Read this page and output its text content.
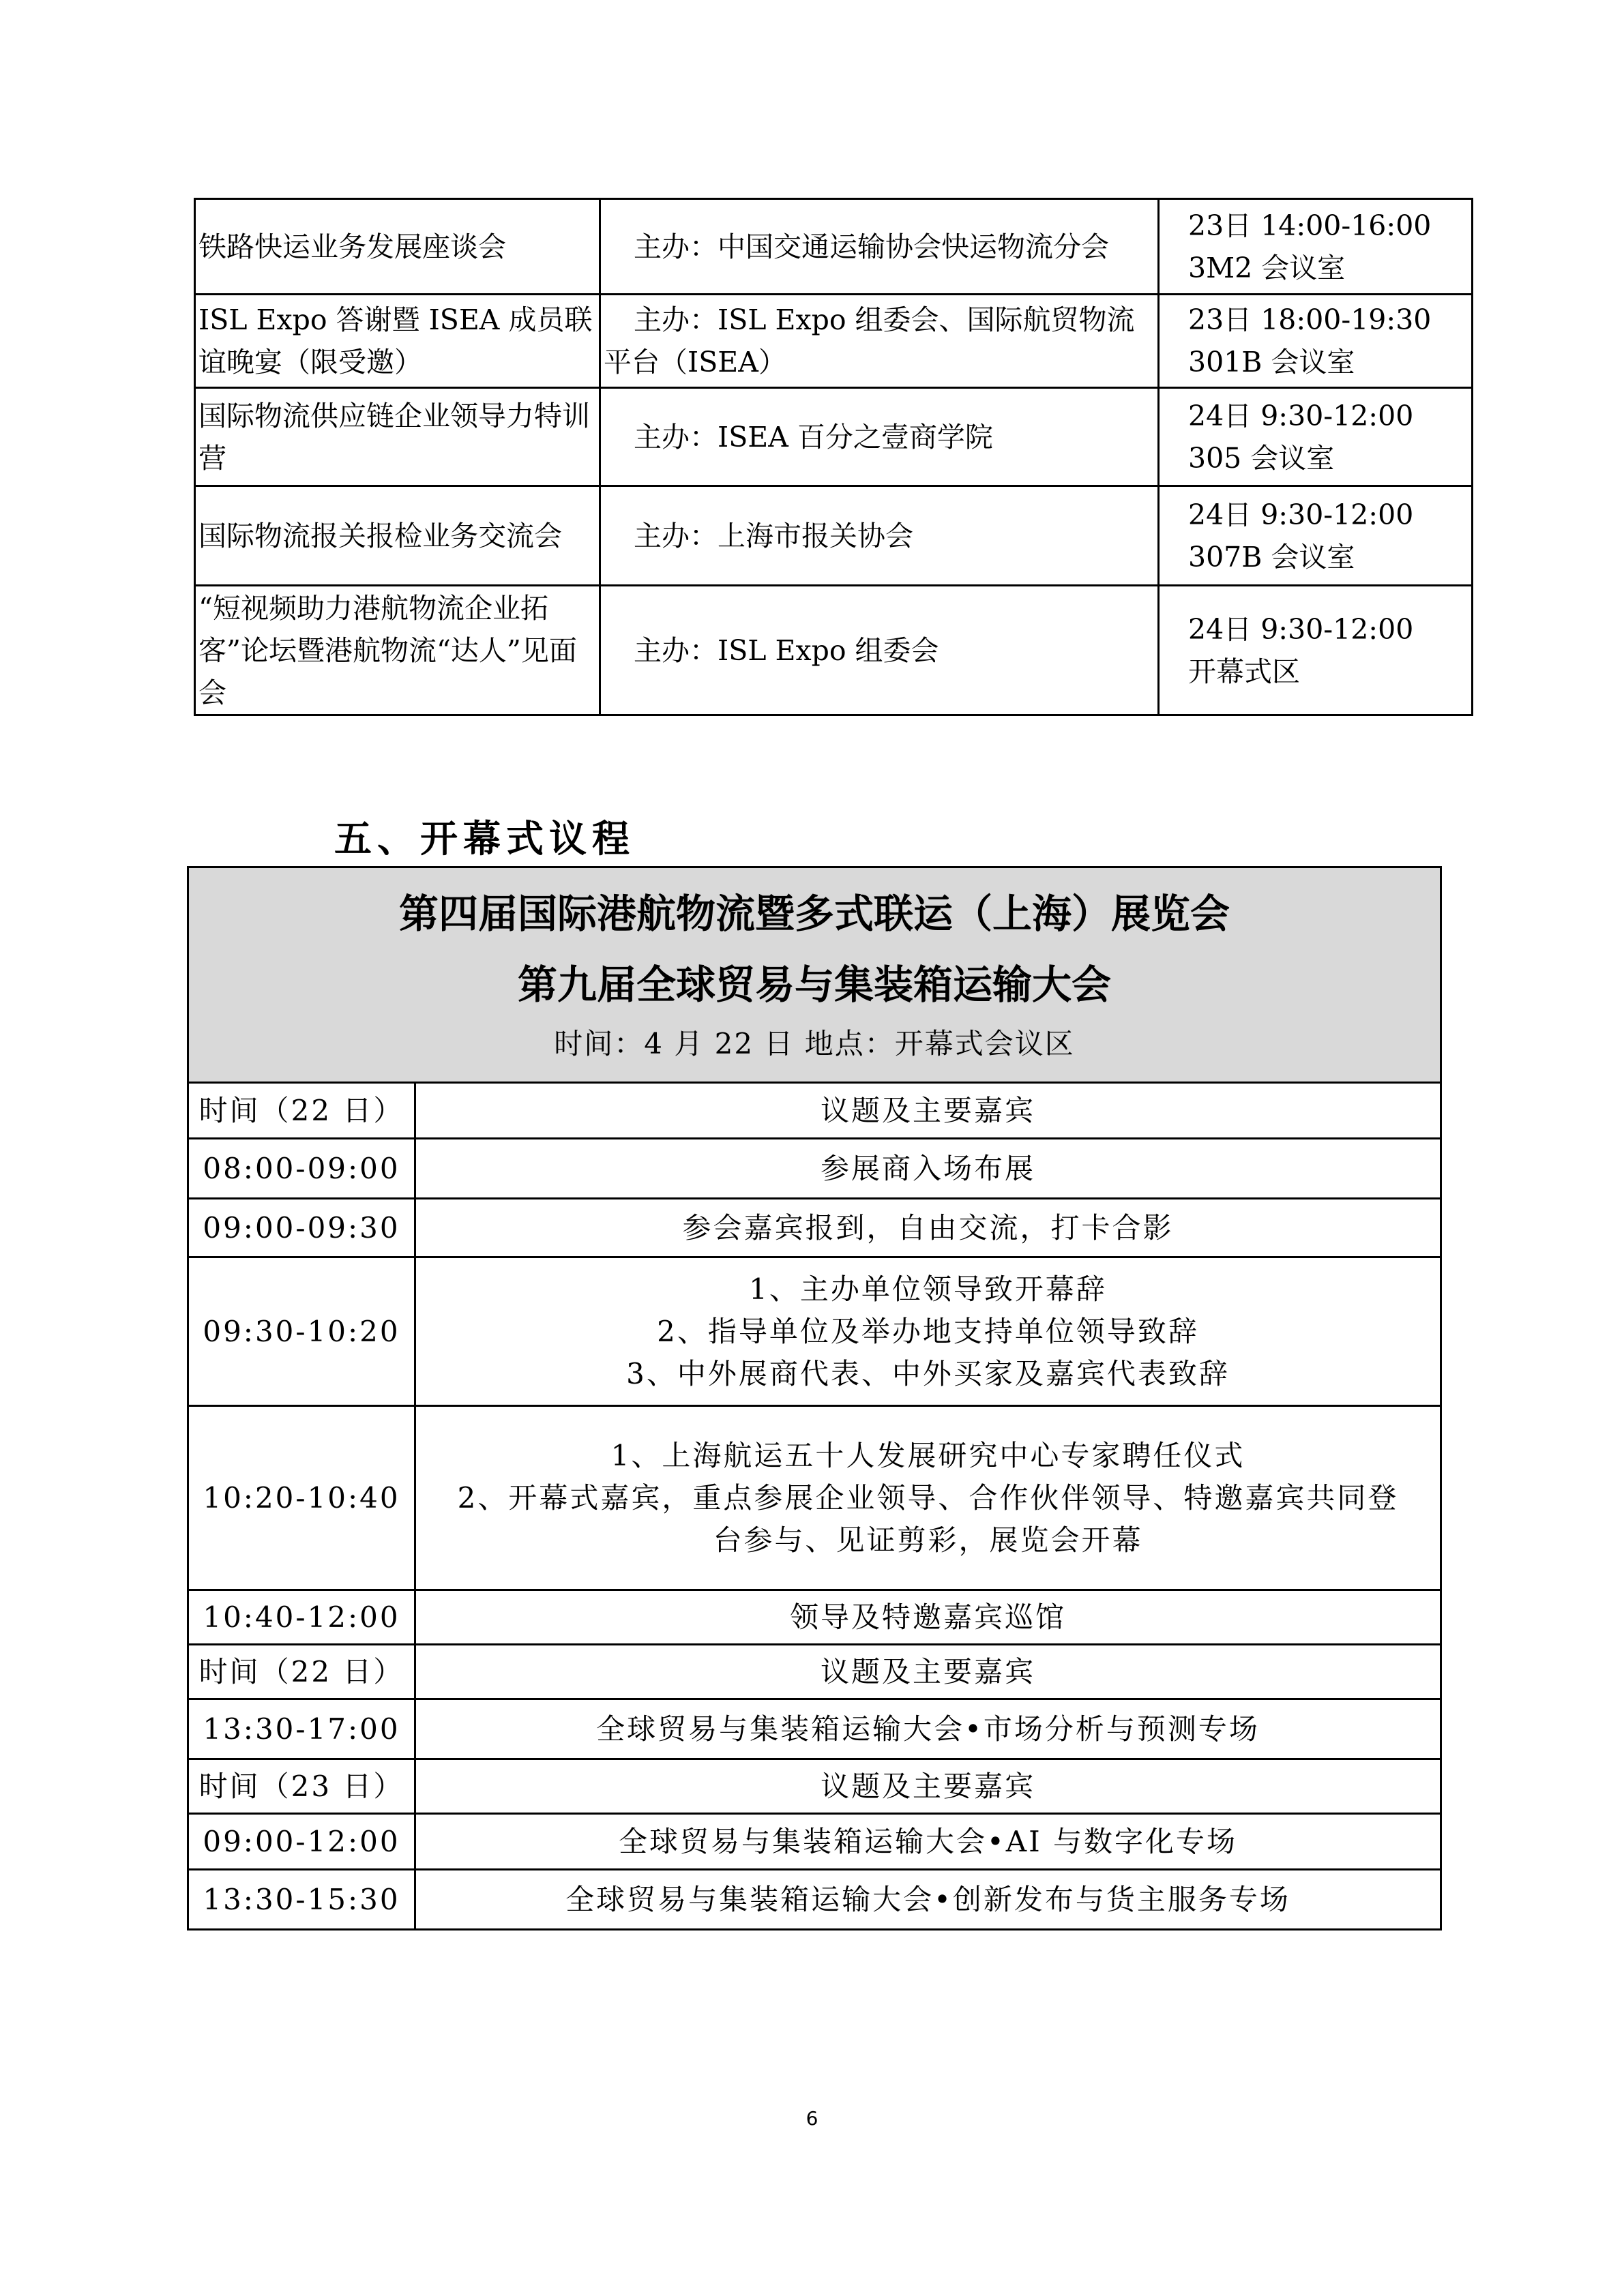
铁路快运业务发展座谈会	主办：中国交通运输协会快运物流分会	23日 14:00-16:00
3M2 会议室

ISL Expo 答谢暨 ISEA 成员联谊晚宴（限受邀）	主办：ISL Expo 组委会、国际航贸物流平台（ISEA）	23日 18:00-19:30
301B 会议室

国际物流供应链企业领导力特训营	主办：ISEA 百分之壹商学院	24日 9:30-12:00
305 会议室

国际物流报关报检业务交流会	主办：上海市报关协会	24日 9:30-12:00
307B 会议室

“短视频助力港航物流企业拓客”论坛暨港航物流“达人”见面会	主办：ISL Expo 组委会	24日 9:30-12:00
开幕式区
五、开幕式议程
第四届国际港航物流暨多式联运（上海）展览会
第九届全球贸易与集装箱运输大会
时间：4 月 22 日 地点：开幕式会议区
时间（22 日）	议题及主要嘉宾

08:00-09:00	参展商入场布展

09:00-09:30	参会嘉宾报到，自由交流，打卡合影

09:30-10:20	1、主办单位领导致开幕辞
2、指导单位及举办地支持单位领导致辞
3、中外展商代表、中外买家及嘉宾代表致辞

10:20-10:40	1、上海航运五十人发展研究中心专家聘任仪式
2、开幕式嘉宾，重点参展企业领导、合作伙伴领导、特邀嘉宾共同登
台参与、见证剪彩，展览会开幕

10:40-12:00	领导及特邀嘉宾巡馆

时间（22 日）	议题及主要嘉宾

13:30-17:00	全球贸易与集装箱运输大会•市场分析与预测专场

时间（23 日）	议题及主要嘉宾

09:00-12:00	全球贸易与集装箱运输大会•AI 与数字化专场

13:30-15:30	全球贸易与集装箱运输大会•创新发布与货主服务专场
6
